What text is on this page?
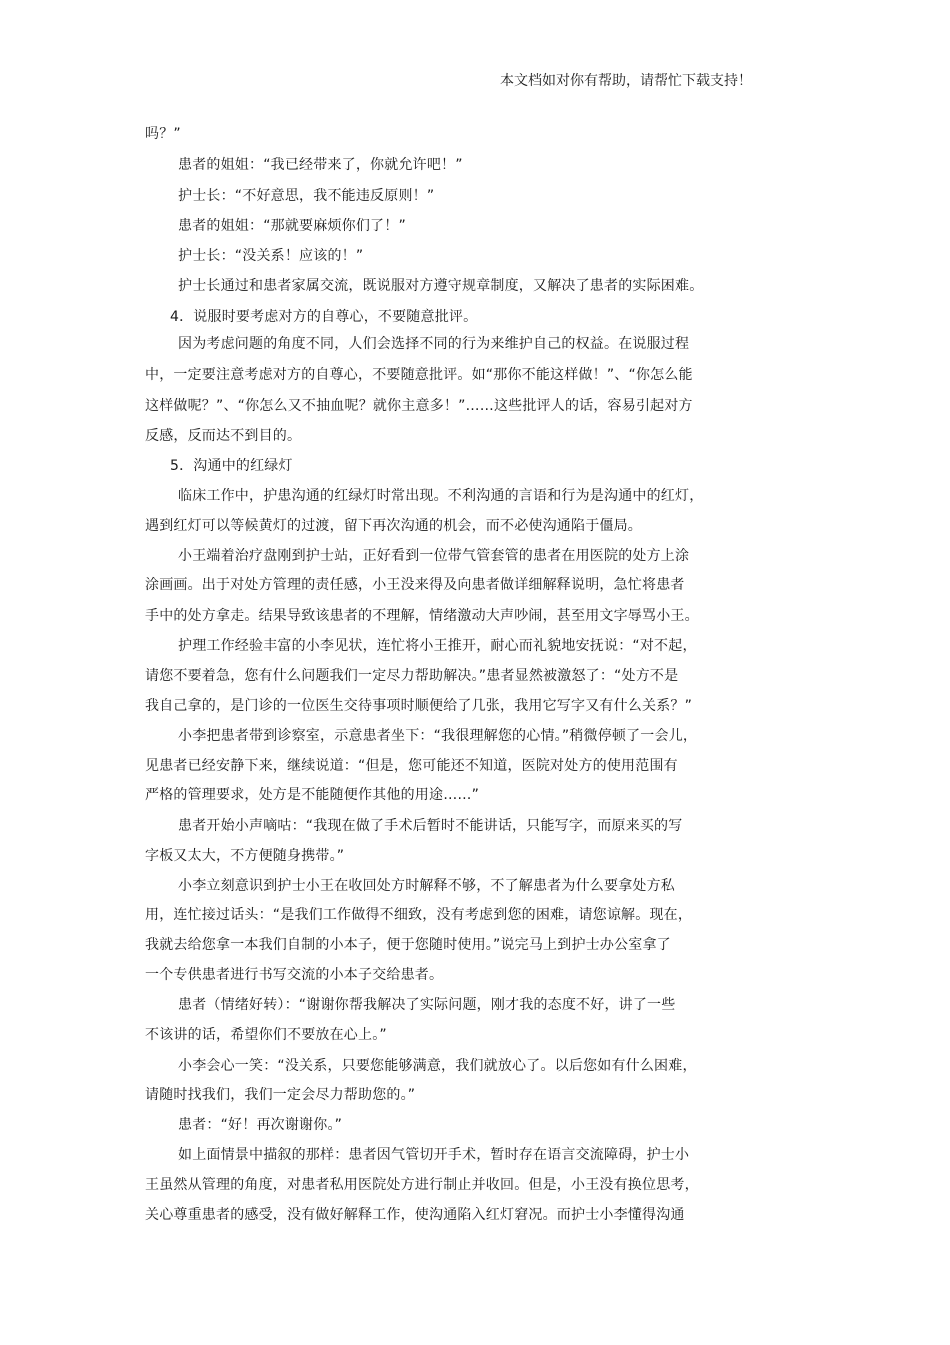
本文档如对你有帮助，请帮忙下载支持！
吗？”
患者的姐姐：“我已经带来了，你就允许吧！”
护士长：“不好意思，我不能违反原则！”
患者的姐姐：“那就要麻烦你们了！”
护士长：“没关系！应该的！”
护士长通过和患者家属交流，既说服对方遵守规章制度，又解决了患者的实际困难。
4．说服时要考虑对方的自尊心，不要随意批评。
因为考虑问题的角度不同，人们会选择不同的行为来维护自己的权益。在说服过程
中，一定要注意考虑对方的自尊心，不要随意批评。如“那你不能这样做！”、“你怎么能
这样做呢？”、“你怎么又不抽血呢？就你主意多！”……这些批评人的话，容易引起对方
反感，反而达不到目的。
5．沟通中的红绿灯
临床工作中，护患沟通的红绿灯时常出现。不利沟通的言语和行为是沟通中的红灯，
遇到红灯可以等候黄灯的过渡，留下再次沟通的机会，而不必使沟通陷于僵局。
小王端着治疗盘刚到护士站，正好看到一位带气管套管的患者在用医院的处方上涂
涂画画。出于对处方管理的责任感，小王没来得及向患者做详细解释说明，急忙将患者
手中的处方拿走。结果导致该患者的不理解，情绪激动大声吵闹，甚至用文字辱骂小王。
护理工作经验丰富的小李见状，连忙将小王推开，耐心而礼貌地安抚说：“对不起，
请您不要着急，您有什么问题我们一定尽力帮助解决。”患者显然被激怒了：“处方不是
我自己拿的，是门诊的一位医生交待事项时顺便给了几张，我用它写字又有什么关系？”
小李把患者带到诊察室，示意患者坐下：“我很理解您的心情。”稍微停顿了一会儿，
见患者已经安静下来，继续说道：“但是，您可能还不知道，医院对处方的使用范围有
严格的管理要求，处方是不能随便作其他的用途……”
患者开始小声嘀咕：“我现在做了手术后暂时不能讲话，只能写字，而原来买的写
字板又太大，不方便随身携带。”
小李立刻意识到护士小王在收回处方时解释不够，不了解患者为什么要拿处方私
用，连忙接过话头：“是我们工作做得不细致，没有考虑到您的困难，请您谅解。现在，
我就去给您拿一本我们自制的小本子，便于您随时使用。”说完马上到护士办公室拿了
一个专供患者进行书写交流的小本子交给患者。
患者（情绪好转）：“谢谢你帮我解决了实际问题，刚才我的态度不好，讲了一些
不该讲的话，希望你们不要放在心上。”
小李会心一笑：“没关系，只要您能够满意，我们就放心了。以后您如有什么困难，
请随时找我们，我们一定会尽力帮助您的。”
患者：“好！再次谢谢你。”
如上面情景中描叙的那样：患者因气管切开手术，暂时存在语言交流障碍，护士小
王虽然从管理的角度，对患者私用医院处方进行制止并收回。但是，小王没有换位思考，
关心尊重患者的感受，没有做好解释工作，使沟通陷入红灯窘况。而护士小李懂得沟通
